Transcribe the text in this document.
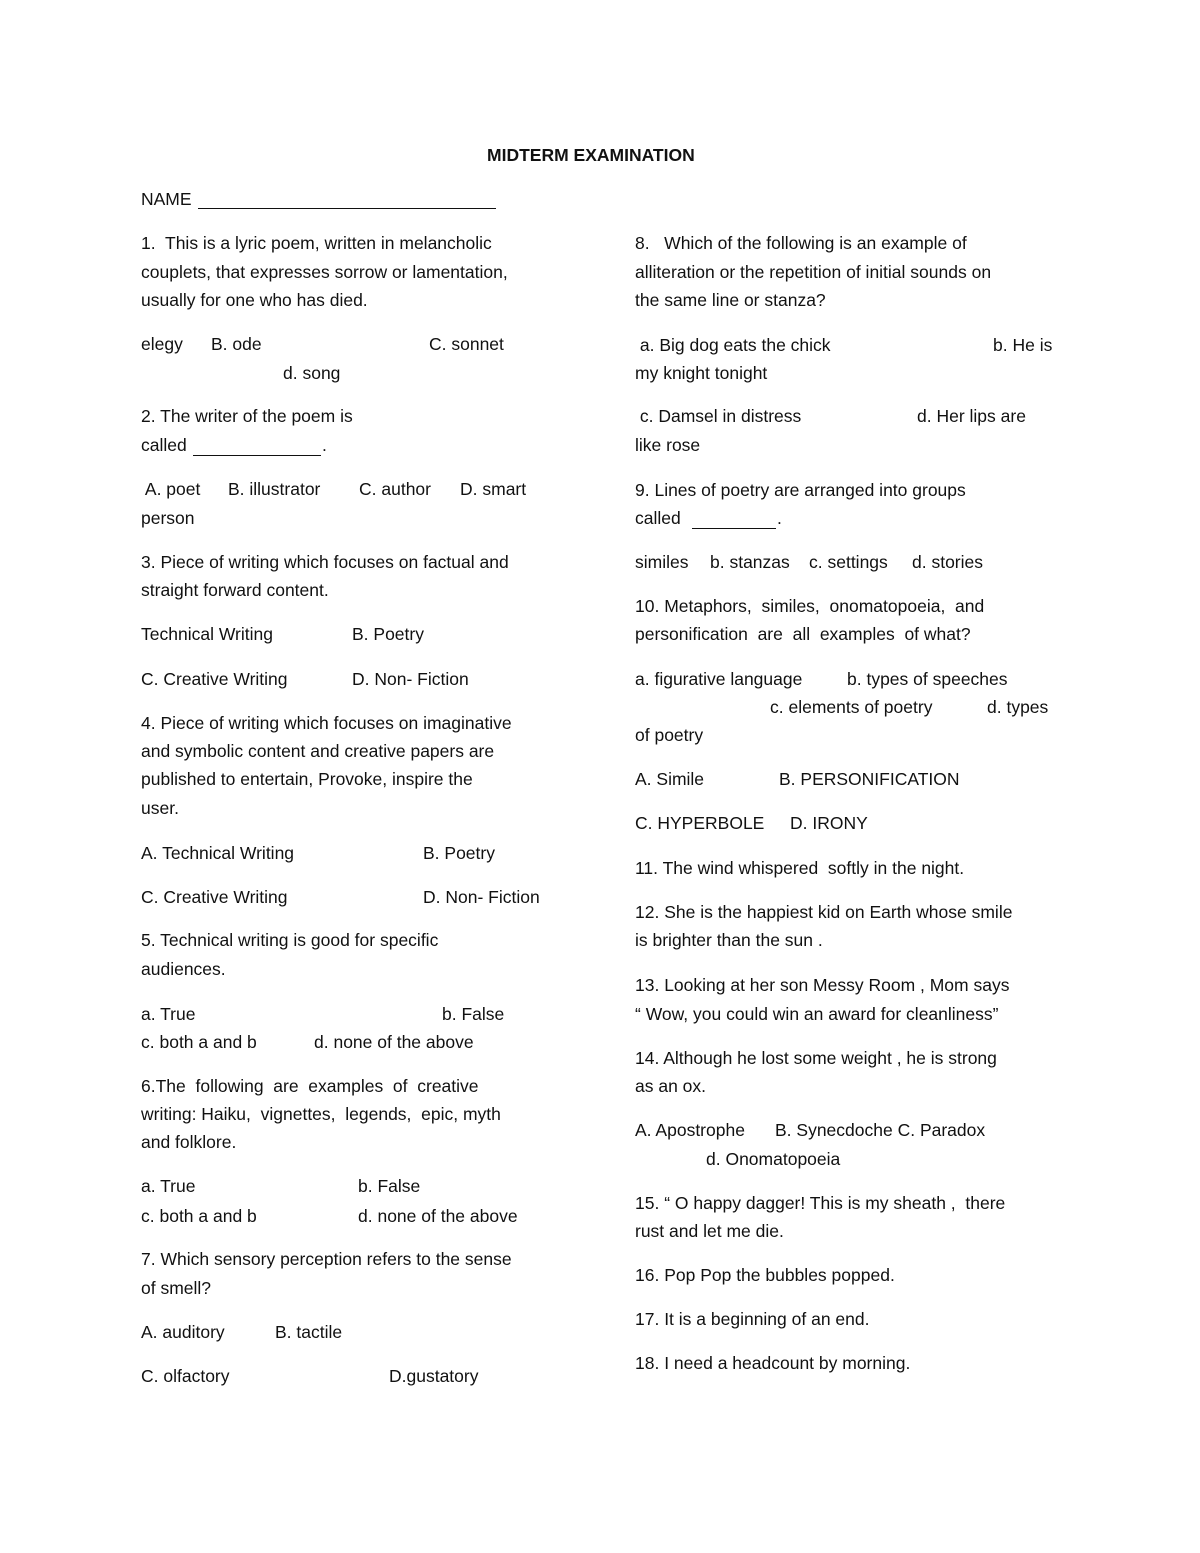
MIDTERM EXAMINATION
NAME
1.  This is a lyric poem, written in melancholic
couplets, that expresses sorrow or lamentation,
usually for one who has died.
elegy B. ode	C. sonnet
d. song
2. The writer of the poem is
called	.
A. poet B. illustrator C. author D. smart
person
3. Piece of writing which focuses on factual and
straight forward content.
Technical Writing	B. Poetry
C. Creative Writing	D. Non- Fiction
4. Piece of writing which focuses on imaginative
and symbolic content and creative papers are
published to entertain, Provoke, inspire the
user.
A. Technical Writing	B. Poetry
C. Creative Writing	D. Non- Fiction
5. Technical writing is good for specific
audiences.
a. True	b. False
c. both a and b	d. none of the above
6.The  following  are  examples  of  creative
writing: Haiku,  vignettes,  legends,  epic, myth
and folklore.
a. True	b. False
c. both a and b	d. none of the above
7. Which sensory perception refers to the sense
of smell?
A. auditory	B. tactile
C. olfactory	D.gustatory
8.   Which of the following is an example of
alliteration or the repetition of initial sounds on
the same line or stanza?
a. Big dog eats the chick	b. He is
my knight tonight
c. Damsel in distress	d. Her lips are
like rose
9. Lines of poetry are arranged into groups
called	.
similes b. stanzas c. settings d. stories
10. Metaphors,  similes,  onomatopoeia,  and
personification  are  all  examples  of what?
a. figurative language	b. types of speeches
c. elements of poetry	d. types
of poetry
A. Simile	B. PERSONIFICATION
C. HYPERBOLE D. IRONY
11. The wind whispered  softly in the night.
12. She is the happiest kid on Earth whose smile
is brighter than the sun .
13. Looking at her son Messy Room , Mom says
“ Wow, you could win an award for cleanliness”
14. Although he lost some weight , he is strong
as an ox.
A. Apostrophe B. Synecdoche C. Paradox
d. Onomatopoeia
15. “ O happy dagger! This is my sheath ,  there
rust and let me die.
16. Pop Pop the bubbles popped.
17. It is a beginning of an end.
18. I need a headcount by morning.
